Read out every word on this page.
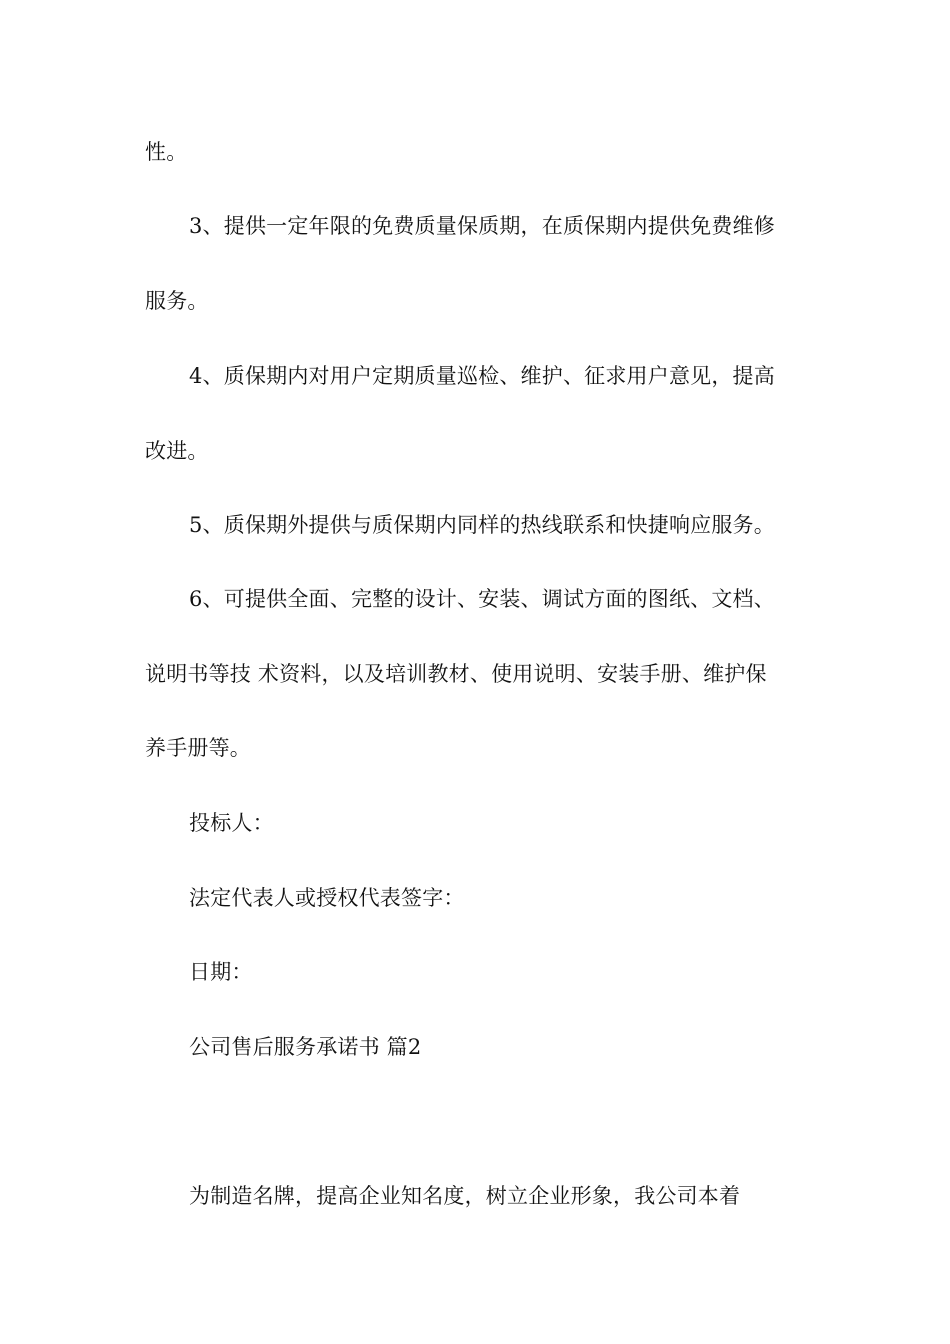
性。
3、提供一定年限的免费质量保质期，在质保期内提供免费维修
服务。
4、质保期内对用户定期质量巡检、维护、征求用户意见，提高
改进。
5、质保期外提供与质保期内同样的热线联系和快捷响应服务。
6、可提供全面、完整的设计、安装、调试方面的图纸、文档、
说明书等技 术资料，以及培训教材、使用说明、安装手册、维护保
养手册等。
投标人：
法定代表人或授权代表签字：
日期：
公司售后服务承诺书 篇2
为制造名牌，提高企业知名度，树立企业形象，我公司本着
